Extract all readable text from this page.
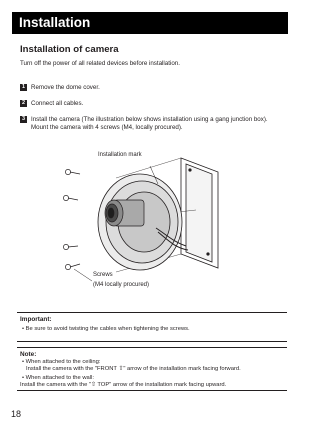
Installation
Installation of camera
Turn off the power of all related devices before installation.
1 Remove the dome cover.
2 Connect all cables.
3 Install the camera (The illustration below shows installation using a gang junction box).
Mount the camera with 4 screws (M4, locally procured).
Installation mark
Screws
(M4 locally procured)
Important:
• Be sure to avoid twisting the cables when tightening the screws.
Note:
• When attached to the ceiling:
Install the camera with the "FRONT ⇧" arrow of the installation mark facing forward.
• When attached to the wall:
Install the camera with the "⇧ TOP" arrow of the installation mark facing upward.
18
